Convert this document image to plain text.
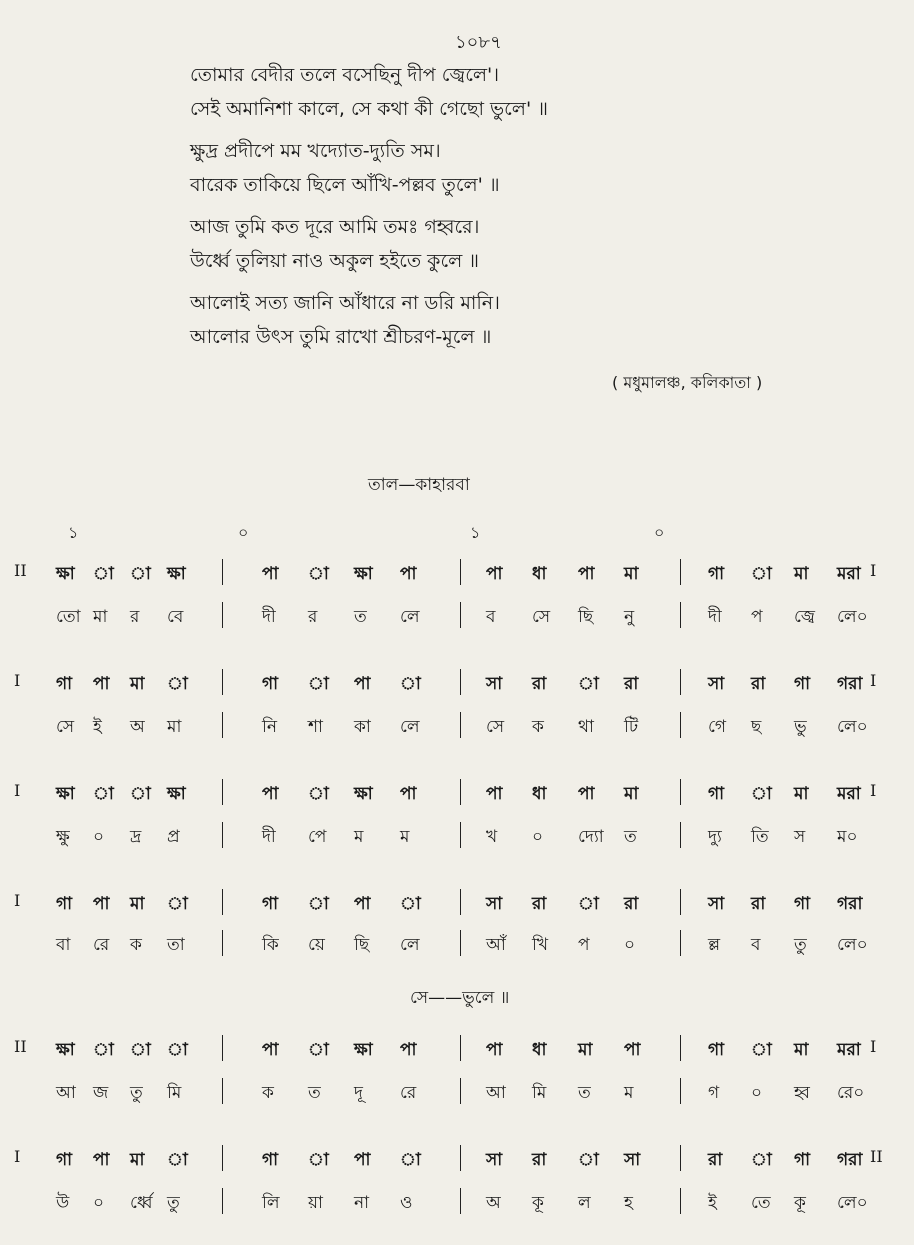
১০৮৭
তোমার বেদীর তলে বসেছিনু দীপ জ্বেলে'।
সেই অমানিশা কালে, সে কথা কী গেছো ভুলে' ॥
ক্ষুদ্র প্রদীপে মম খদ্যোত-দ্যুতি সম।
বারেক তাকিয়ে ছিলে আঁখি-পল্লব তুলে' ॥
আজ তুমি কত দূরে আমি তমঃ গহ্বরে।
উর্ধ্বে তুলিয়া নাও অকুল হইতে কুলে ॥
আলোই সত্য জানি আঁধারে না ডরি মানি।
আলোর উৎস তুমি রাখো শ্রীচরণ-মূলে ॥
( মধুমালঞ্চ, কলিকাতা )
তাল—কাহারবা
১	০	১	০
II	I
ক্ষা া া ক্ষা	পা া ক্ষা পা	পা ধা পা মা	গা া মা মরা
তো মা র বে	দী র ত লে	ব সে ছি নু	দী প জ্বে লে০
I	I
গা পা মা া	গা া পা া	সা রা া রা	সা রা গা গরা
সে ই অ মা	নি শা কা লে	সে ক থা টি	গে ছ ভু লে০
I	I
ক্ষা া া ক্ষা	পা া ক্ষা পা	পা ধা পা মা	গা া মা মরা
ক্ষু ০ দ্র প্র	দী পে ম ম	খ ০ দ্যো ত	দ্যু তি স ম০
I গা পা মা া	গা া পা া	সা রা া রা	সা রা গা গরা
বা রে ক তা	কি য়ে ছি লে	আঁ খি প ০	ল্ল ব তু লে০
II	I
ক্ষা া া া	পা া ক্ষা পা	পা ধা মা পা	গা া মা মরা
আ জ তু মি	ক ত দূ রে	আ মি ত ম	গ ০ হ্ব রে০
I	II
গা পা মা া	গা া পা া	সা রা া সা	রা া গা গরা
উ ০ র্ধ্বে তু	লি য়া না ও	অ কূ ল হ	ই তে কূ লে০
সে——ভুলে ॥
